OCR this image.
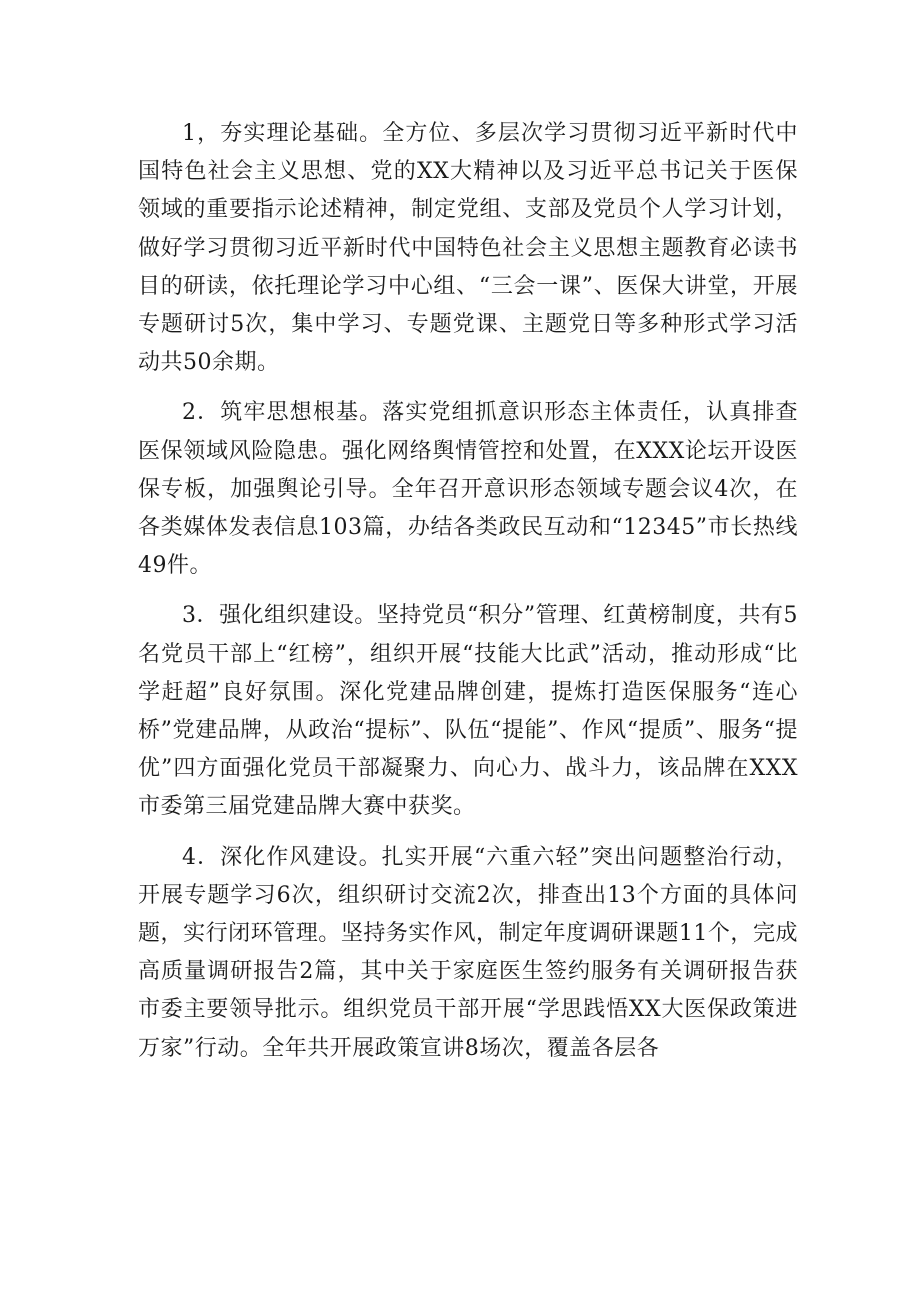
1，夯实理论基础。全方位、多层次学习贯彻习近平新时代中国特色社会主义思想、党的XX大精神以及习近平总书记关于医保领域的重要指示论述精神，制定党组、支部及党员个人学习计划，做好学习贯彻习近平新时代中国特色社会主义思想主题教育必读书目的研读，依托理论学习中心组、“三会一课”、医保大讲堂，开展专题研讨5次，集中学习、专题党课、主题党日等多种形式学习活动共50余期。

2．筑牢思想根基。落实党组抓意识形态主体责任，认真排查医保领域风险隐患。强化网络舆情管控和处置，在XXX论坛开设医保专板，加强舆论引导。全年召开意识形态领域专题会议4次，在各类媒体发表信息103篇，办结各类政民互动和“12345”市长热线49件。

3．强化组织建设。坚持党员“积分”管理、红黄榜制度，共有5名党员干部上“红榜”，组织开展“技能大比武”活动，推动形成“比学赶超”良好氛围。深化党建品牌创建，提炼打造医保服务“连心桥”党建品牌，从政治“提标”、队伍“提能”、作风“提质”、服务“提优”四方面强化党员干部凝聚力、向心力、战斗力，该品牌在XXX市委第三届党建品牌大赛中获奖。

4．深化作风建设。扎实开展“六重六轻”突出问题整治行动，开展专题学习6次，组织研讨交流2次，排查出13个方面的具体问题，实行闭环管理。坚持务实作风，制定年度调研课题11个，完成高质量调研报告2篇，其中关于家庭医生签约服务有关调研报告获市委主要领导批示。组织党员干部开展“学思践悟XX大医保政策进万家”行动。全年共开展政策宣讲8场次，覆盖各层各
